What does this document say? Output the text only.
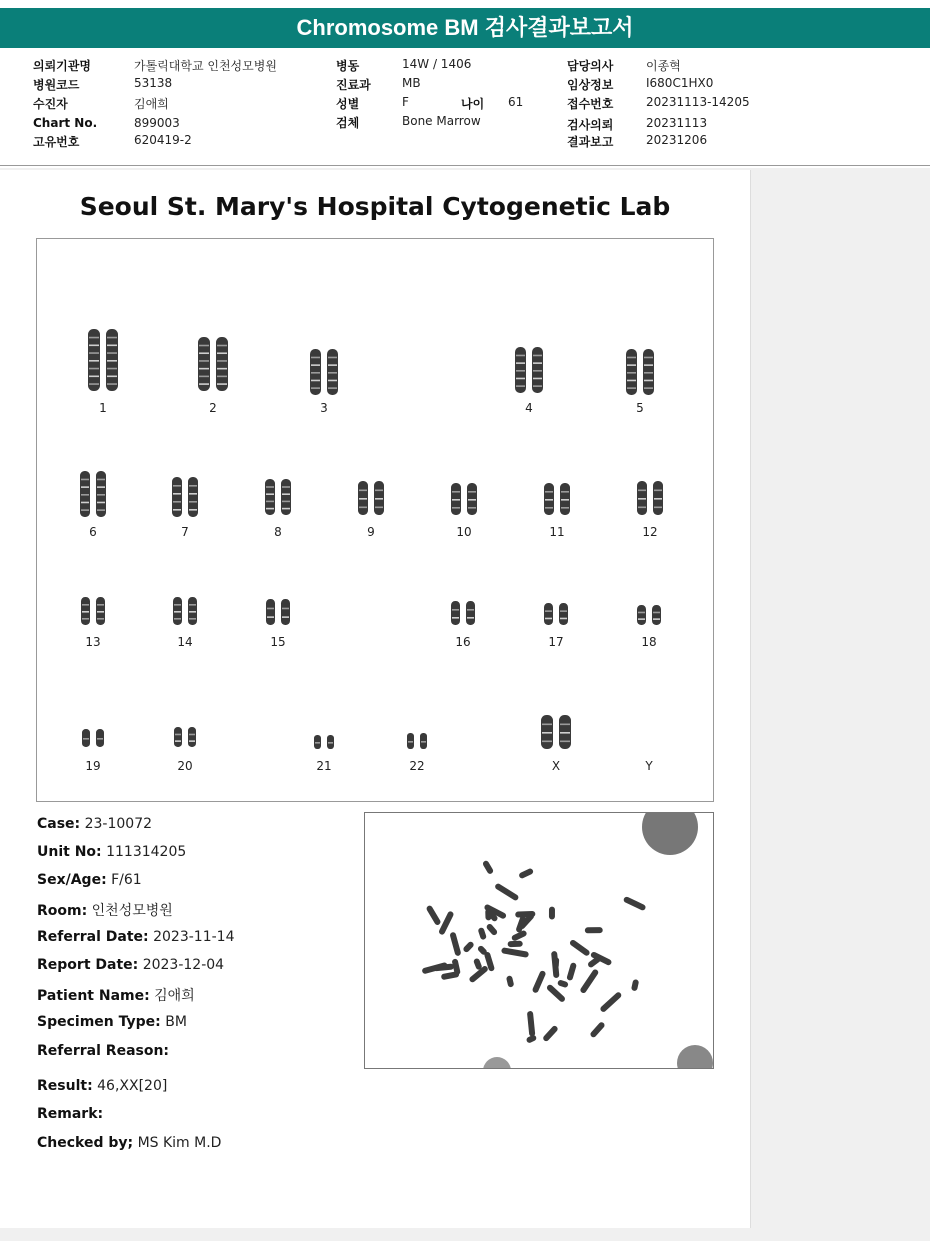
Chromosome BM 검사결과보고서
의뢰기관명	가톨릭대학교 인천성모병원
병원코드	53138
수진자	김애희
Chart No.	899003
고유번호	620419-2
병동	14W / 1406
진료과	MB
성별	F	나이 61
검체	Bone Marrow
담당의사	이종혁
임상정보	I680C1HX0
접수번호	20231113-14205
검사의뢰	20231113
결과보고	20231206
Seoul St. Mary's Hospital Cytogenetic Lab
1	2	3	4	5
6	7	8	9	10	11	12
13	14	15	16	17	18
19	20	21	22	X	Y
Case: 23-10072
Unit No: 111314205
Sex/Age: F/61
Room: 인천성모병원
Referral Date: 2023-11-14
Report Date: 2023-12-04
Patient Name: 김애희
Specimen Type: BM
Referral Reason:
Result: 46,XX[20]
Remark:
Checked by; MS Kim M.D
